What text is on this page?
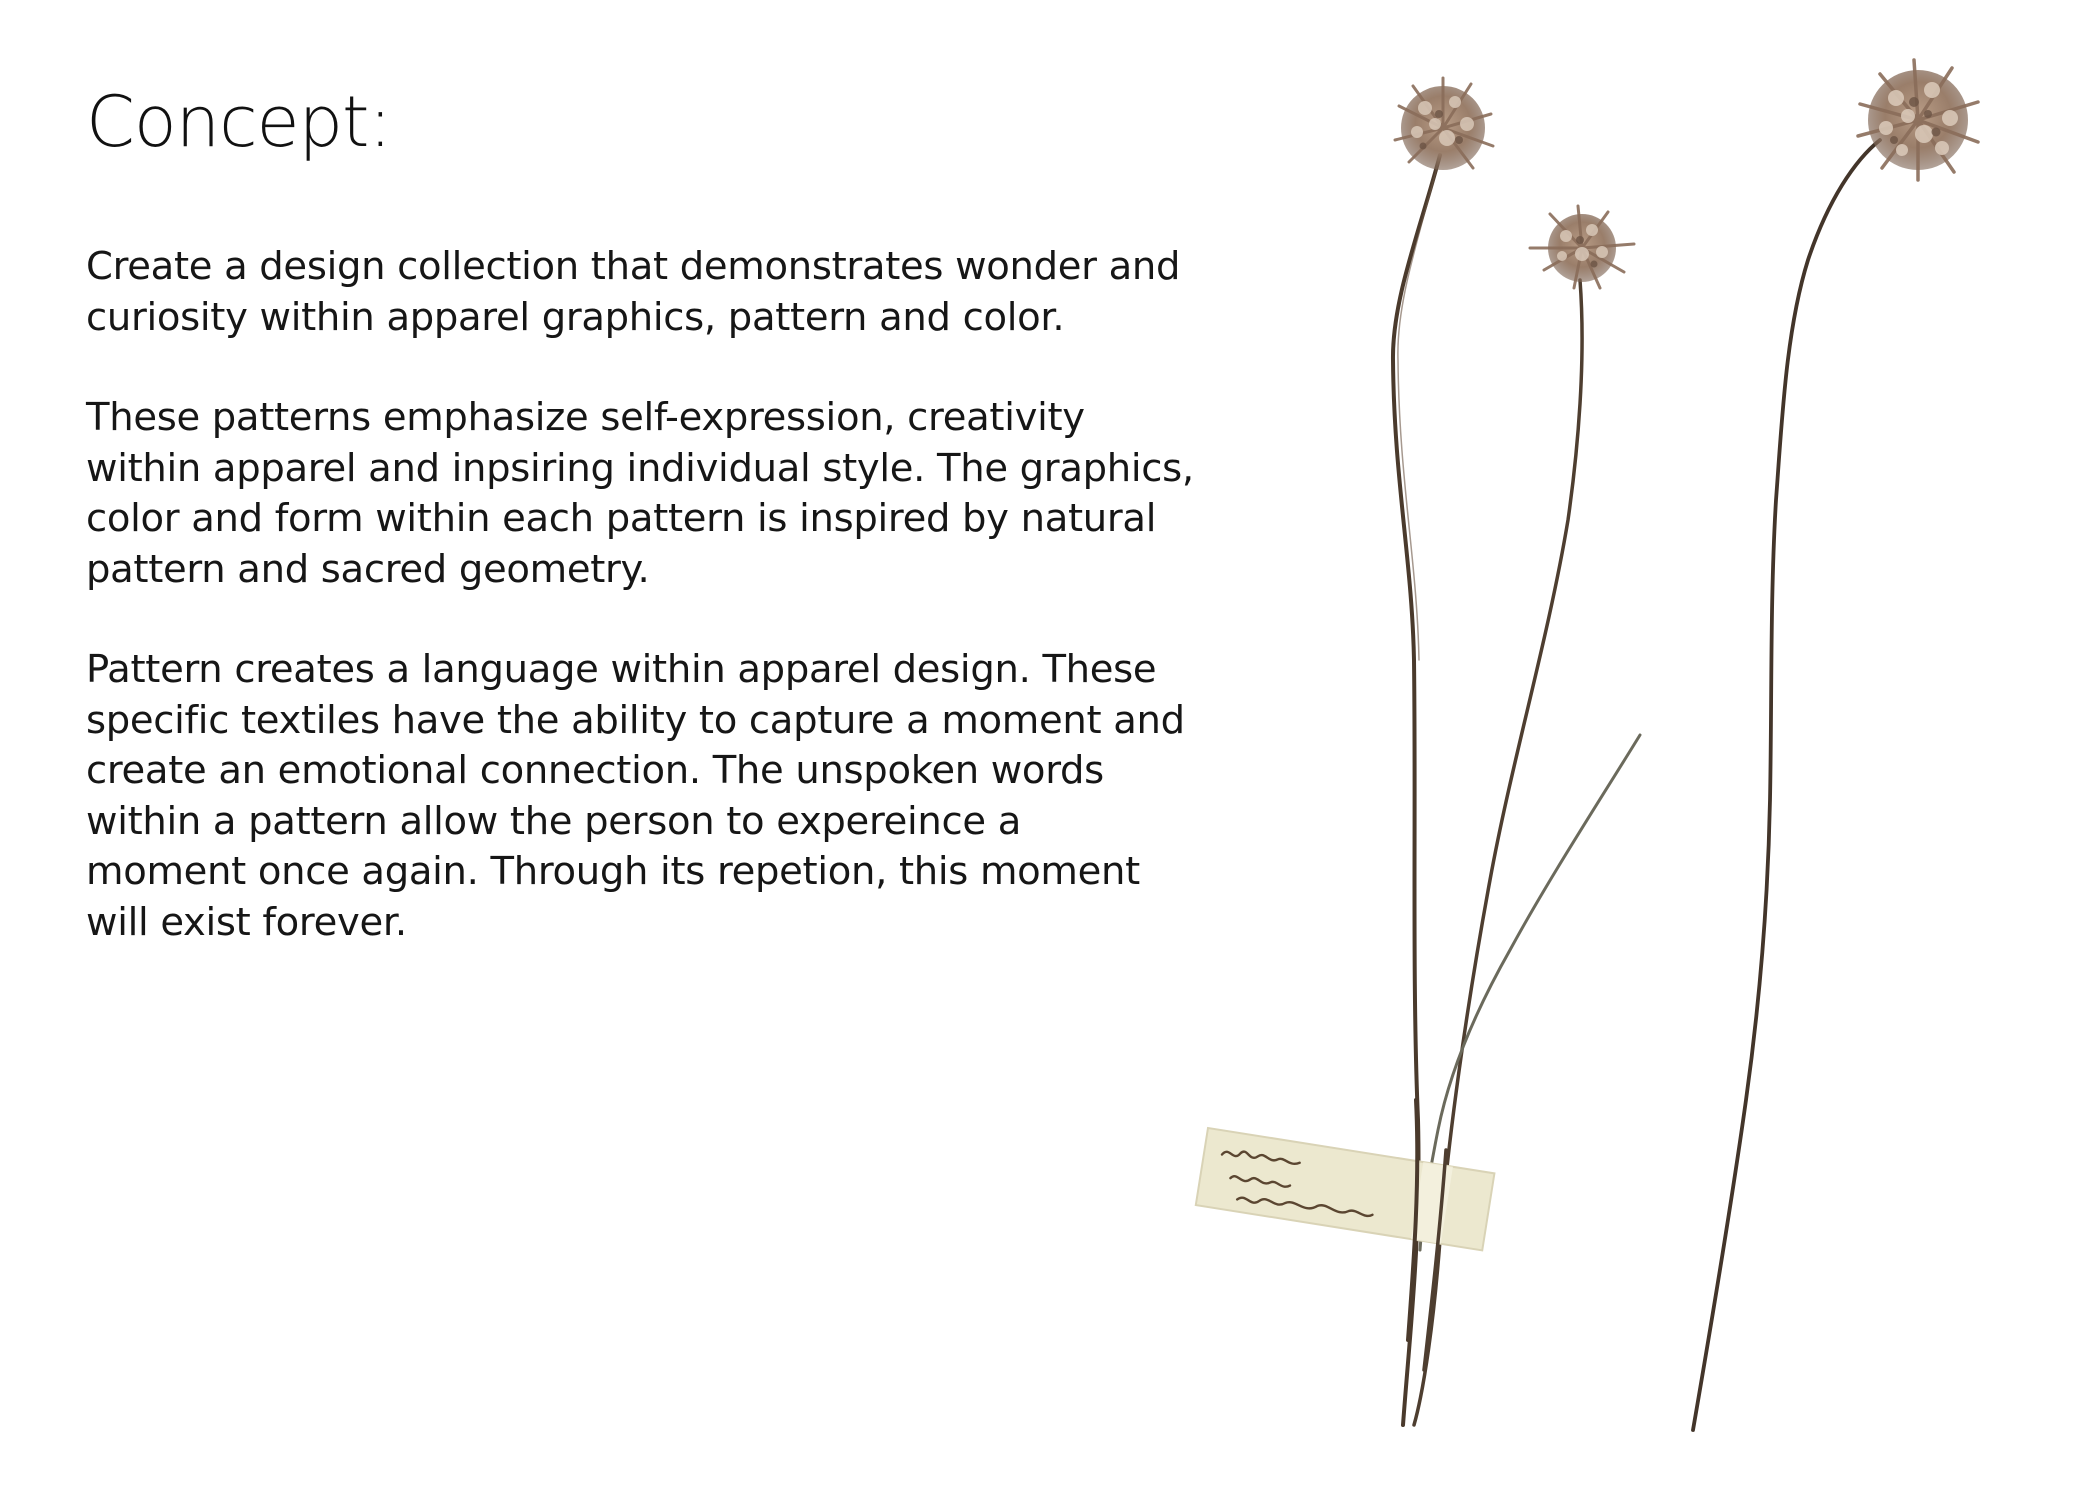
Concept:

Create a design collection that demonstrates wonder and
curiosity within apparel graphics, pattern and color.

These patterns emphasize self-expression, creativity
within apparel and inpsiring individual style. The graphics,
color and form within each pattern is inspired by natural
pattern and sacred geometry.

Pattern creates a language within apparel design. These
specific textiles have the ability to capture a moment and
create an emotional connection. The unspoken words
within a pattern allow the person to expereince a
moment once again. Through its repetion, this moment
will exist forever.
